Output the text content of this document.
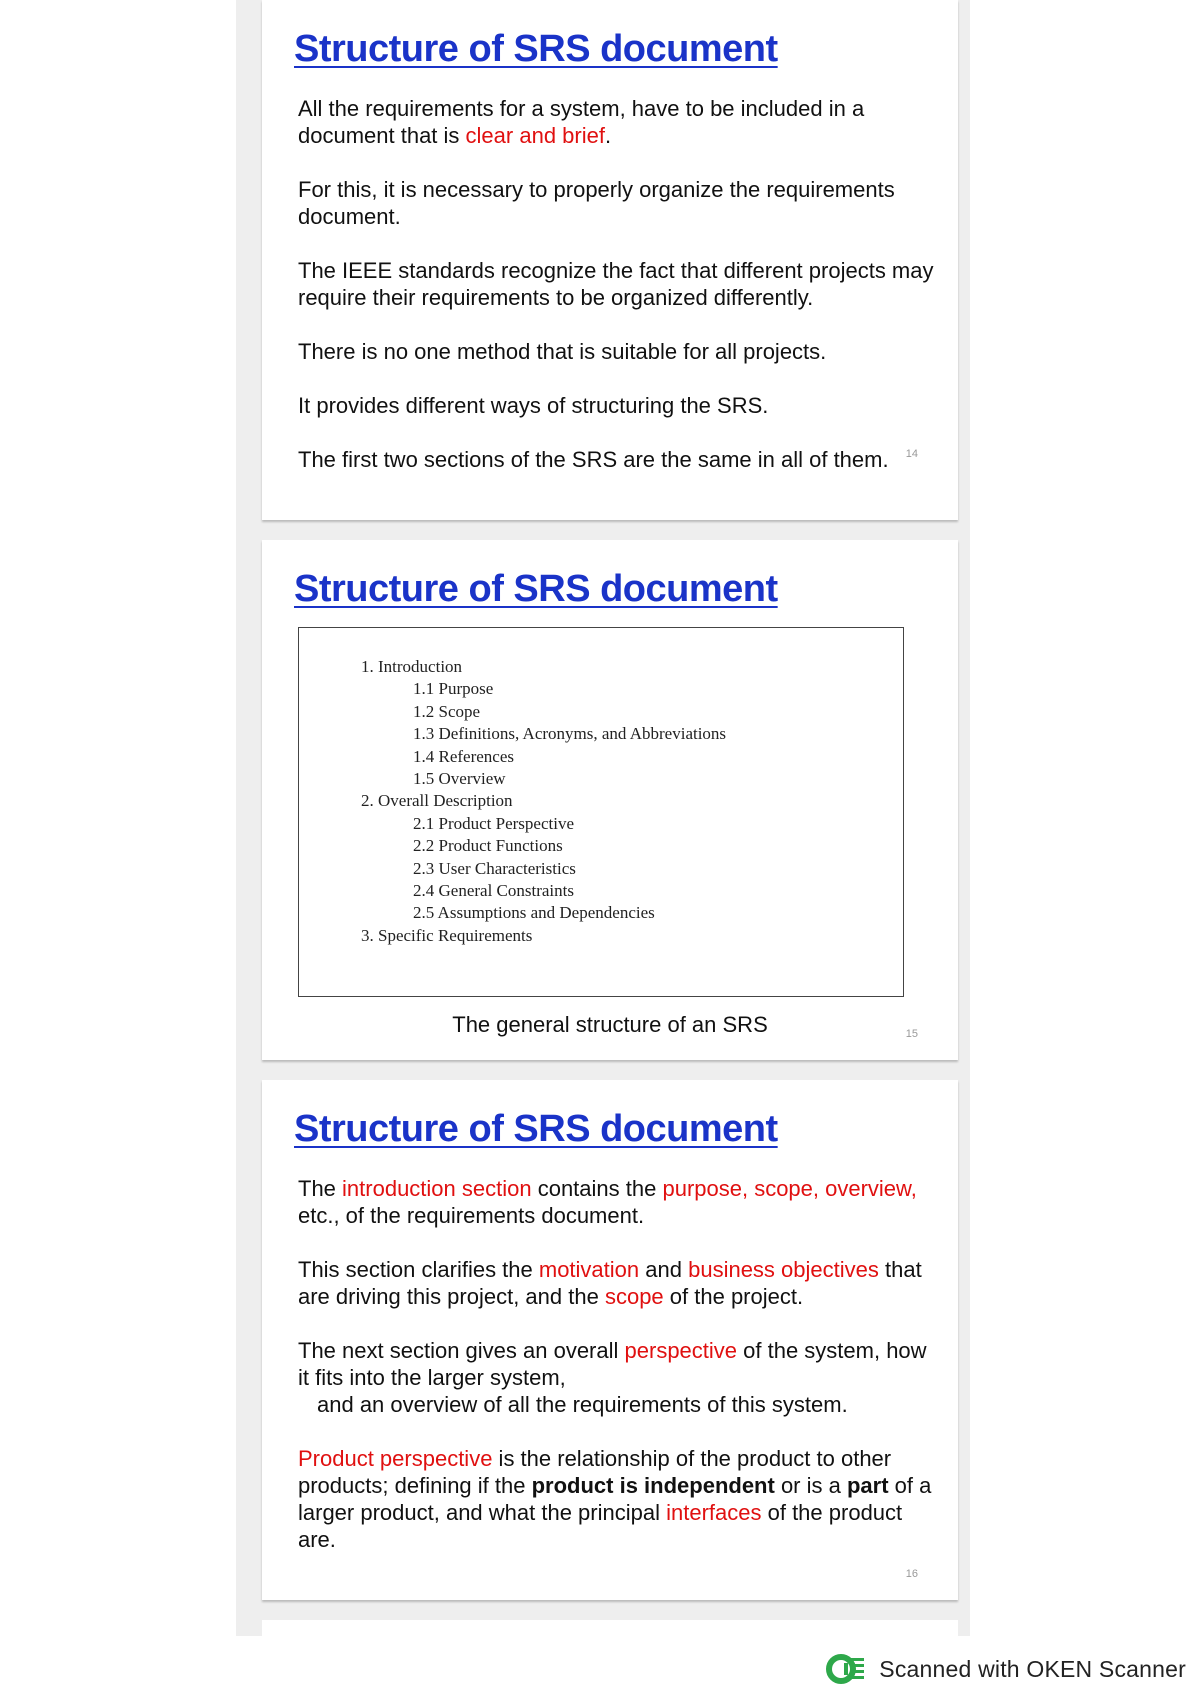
Structure of SRS document

All the requirements for a system, have to be included in a document that is clear and brief.

For this, it is necessary to properly organize the requirements document.

The IEEE standards recognize the fact that different projects may require their requirements to be organized differently.

There is no one method that is suitable for all projects.

It provides different ways of structuring the SRS.

The first two sections of the SRS are the same in all of them.	14
Structure of SRS document
1. Introduction
1.1 Purpose
1.2 Scope
1.3 Definitions, Acronyms, and Abbreviations
1.4 References
1.5 Overview
2. Overall Description
2.1 Product Perspective
2.2 Product Functions
2.3 User Characteristics
2.4 General Constraints
2.5 Assumptions and Dependencies
3. Specific Requirements
The general structure of an SRS	15
Structure of SRS document

The introduction section contains the purpose, scope, overview, etc., of the requirements document.

This section clarifies the motivation and business objectives that are driving this project, and the scope of the project.

The next section gives an overall perspective of the system, how it fits into the larger system,
and an overview of all the requirements of this system.

Product perspective is the relationship of the product to other products; defining if the product is independent or is a part of a larger product, and what the principal interfaces of the product are.

16
Scanned with OKEN Scanner
